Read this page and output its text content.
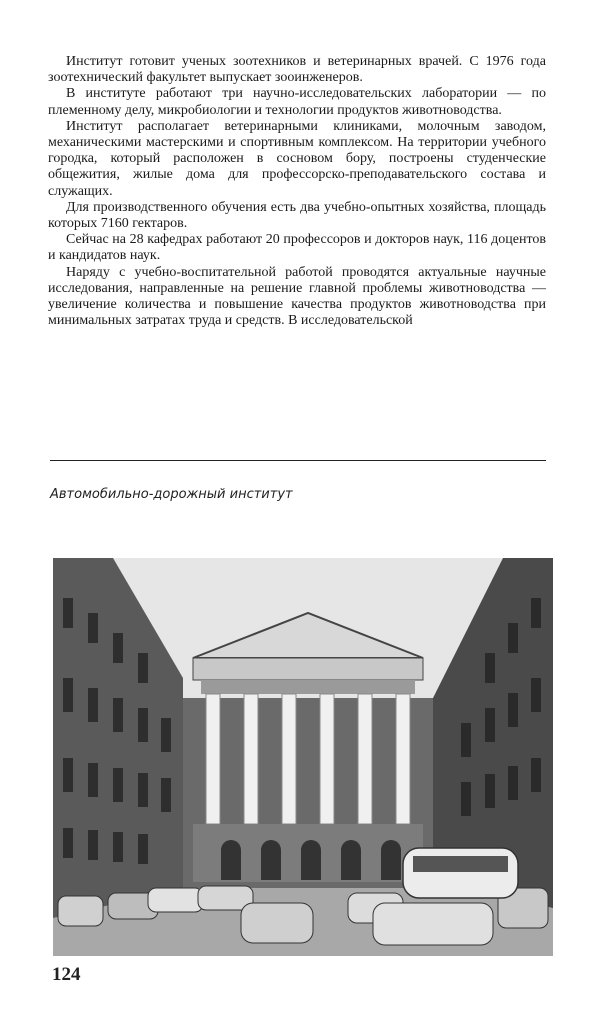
Институт готовит ученых зоотехников и ветеринарных врачей. С 1976 года зоотехнический факультет выпускает зооинженеров.

В институте работают три научно-исследовательских лаборатории — по племенному делу, микробиологии и технологии продуктов животноводства.

Институт располагает ветеринарными клиниками, молочным заводом, механическими мастерскими и спортивным комплексом. На территории учебного городка, который расположен в сосновом бору, построены студенческие общежития, жилые дома для профессорско-преподавательского состава и служащих.

Для производственного обучения есть два учебно-опытных хозяйства, площадь которых 7160 гектаров.

Сейчас на 28 кафедрах работают 20 профессоров и докторов наук, 116 доцентов и кандидатов наук.

Наряду с учебно-воспитательной работой проводятся актуальные научные исследования, направленные на решение главной проблемы животноводства — увеличение количества и повышение качества продуктов животноводства при минимальных затратах труда и средств. В исследовательской

Автомобильно-дорожный институт
124
